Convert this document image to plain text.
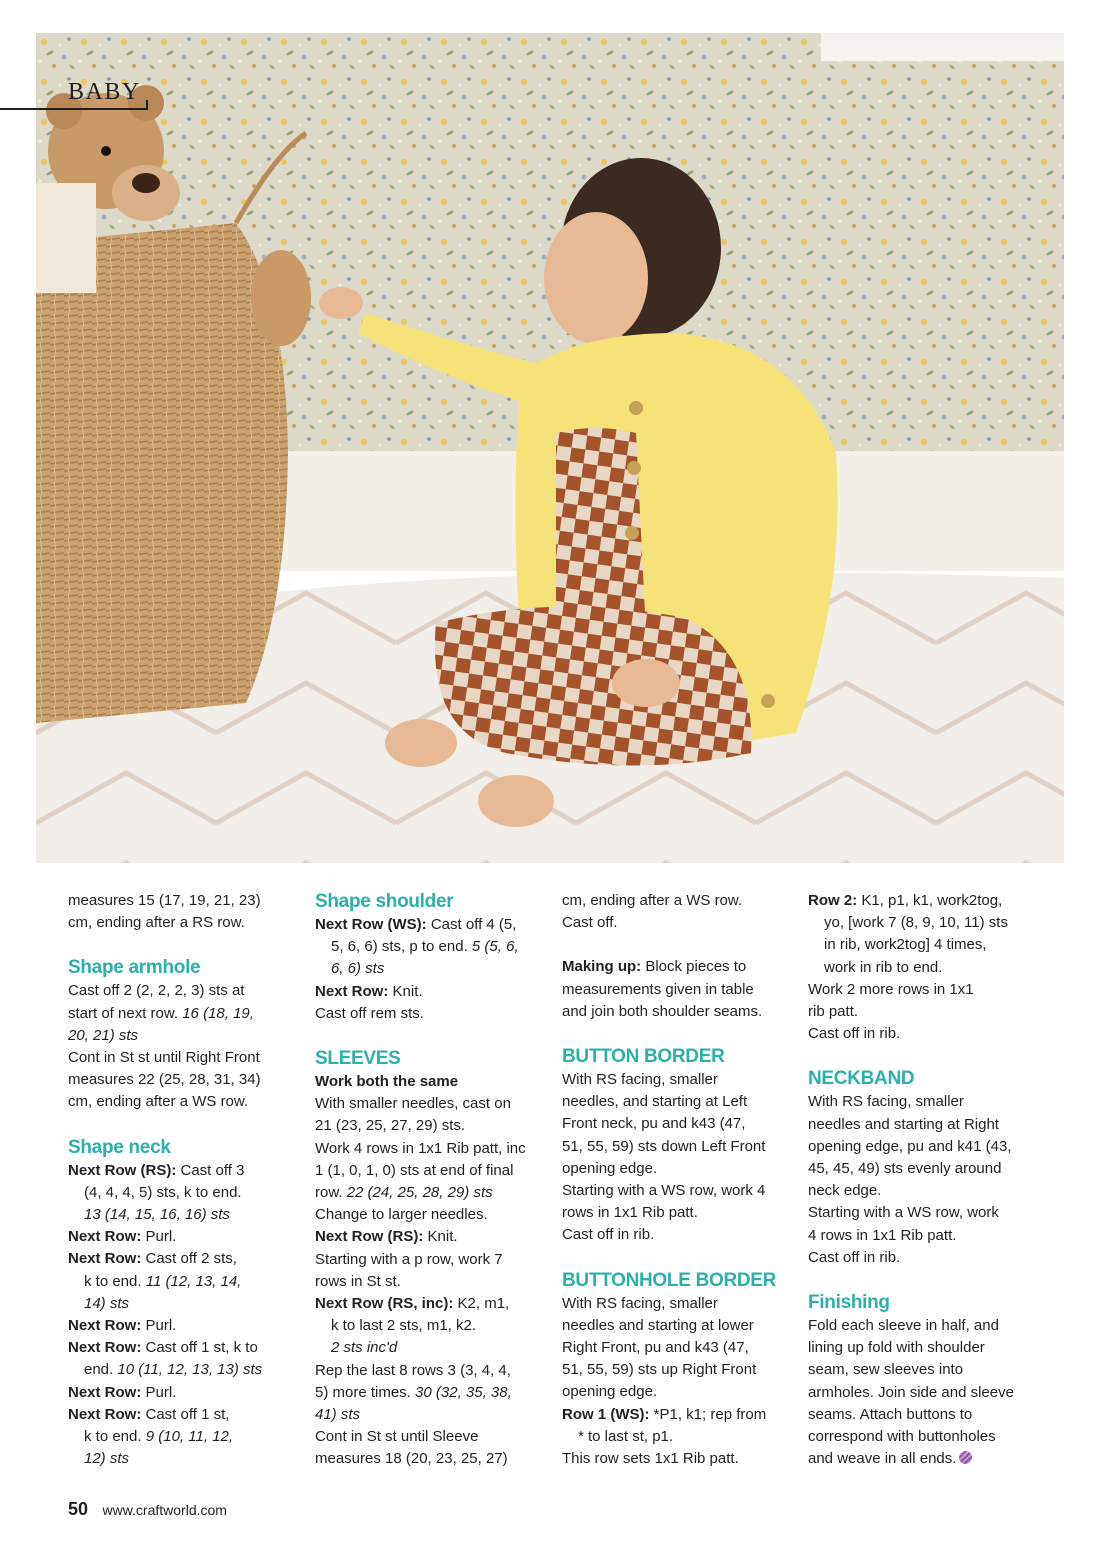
BABY

measures 15 (17, 19, 21, 23)

cm, ending after a RS row.

Shape armhole

Cast off 2 (2, 2, 2, 3) sts at

start of next row. 16 (18, 19,

20, 21) sts

Cont in St st until Right Front

measures 22 (25, 28, 31, 34)

cm, ending after a WS row.

Shape neck

Next Row (RS): Cast off 3

(4, 4, 4, 5) sts, k to end.

13 (14, 15, 16, 16) sts

Next Row: Purl.

Next Row: Cast off 2 sts,

k to end. 11 (12, 13, 14,

14) sts

Next Row: Purl.

Next Row: Cast off 1 st, k to

end. 10 (11, 12, 13, 13) sts

Next Row: Purl.

Next Row: Cast off 1 st,

k to end. 9 (10, 11, 12,

12) sts

Shape shoulder

Next Row (WS): Cast off 4 (5,

5, 6, 6) sts, p to end. 5 (5, 6,

6, 6) sts

Next Row: Knit.

Cast off rem sts.

SLEEVES

Work both the same

With smaller needles, cast on

21 (23, 25, 27, 29) sts.

Work 4 rows in 1x1 Rib patt, inc

1 (1, 0, 1, 0) sts at end of final

row. 22 (24, 25, 28, 29) sts

Change to larger needles.

Next Row (RS): Knit.

Starting with a p row, work 7

rows in St st.

Next Row (RS, inc): K2, m1,

k to last 2 sts, m1, k2.

2 sts inc'd

Rep the last 8 rows 3 (3, 4, 4,

5) more times. 30 (32, 35, 38,

41) sts

Cont in St st until Sleeve

measures 18 (20, 23, 25, 27)

cm, ending after a WS row.

Cast off.

Making up: Block pieces to

measurements given in table

and join both shoulder seams.

BUTTON BORDER

With RS facing, smaller

needles, and starting at Left

Front neck, pu and k43 (47,

51, 55, 59) sts down Left Front

opening edge.

Starting with a WS row, work 4

rows in 1x1 Rib patt.

Cast off in rib.

BUTTONHOLE BORDER

With RS facing, smaller

needles and starting at lower

Right Front, pu and k43 (47,

51, 55, 59) sts up Right Front

opening edge.

Row 1 (WS): *P1, k1; rep from

* to last st, p1.

This row sets 1x1 Rib patt.

Row 2: K1, p1, k1, work2tog,

yo, [work 7 (8, 9, 10, 11) sts

in rib, work2tog] 4 times,

work in rib to end.

Work 2 more rows in 1x1

rib patt.

Cast off in rib.

NECKBAND

With RS facing, smaller

needles and starting at Right

opening edge, pu and k41 (43,

45, 45, 49) sts evenly around

neck edge.

Starting with a WS row, work

4 rows in 1x1 Rib patt.

Cast off in rib.

Finishing

Fold each sleeve in half, and

lining up fold with shoulder

seam, sew sleeves into

armholes. Join side and sleeve

seams. Attach buttons to

correspond with buttonholes

and weave in all ends.

50 www.craftworld.com
